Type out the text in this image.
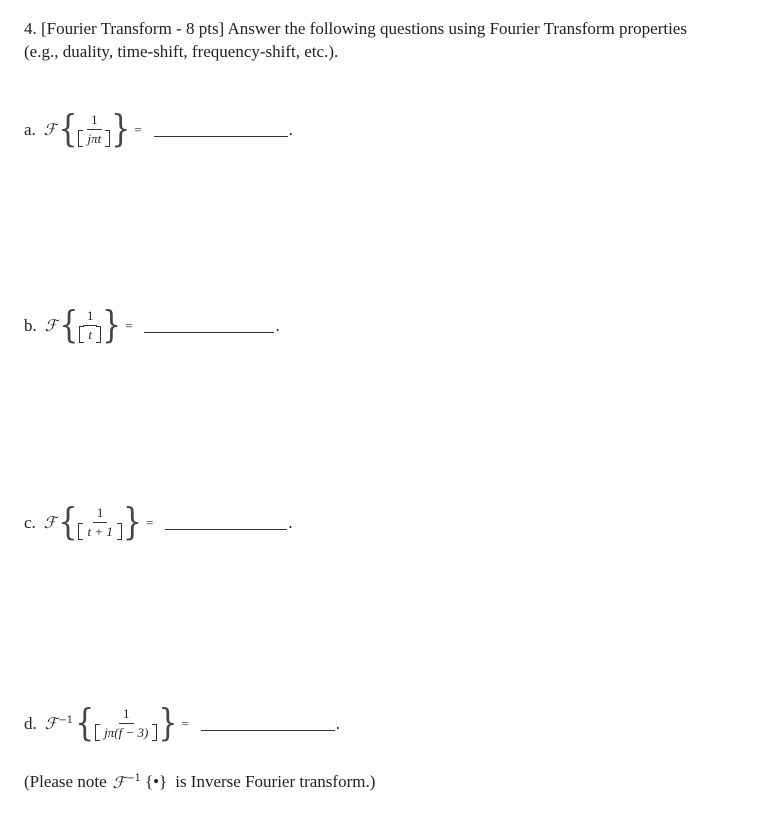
4. [Fourier Transform - 8 pts] Answer the following questions using Fourier Transform properties (e.g., duality, time-shift, frequency-shift, etc.).
a. ℱ { $\frac{1}{\text{jπt}}$ } =	.
b. ℱ { $\frac{1}{t}$ } =	.
c. ℱ { $\frac{1}{t + 1}$ } =	.
d. ℱ$^{-1}$ { $\frac{1}{j\pi(f - 3)}$ } =	.
(Please note ℱ$^{-1}$ {•} is Inverse Fourier transform.)
